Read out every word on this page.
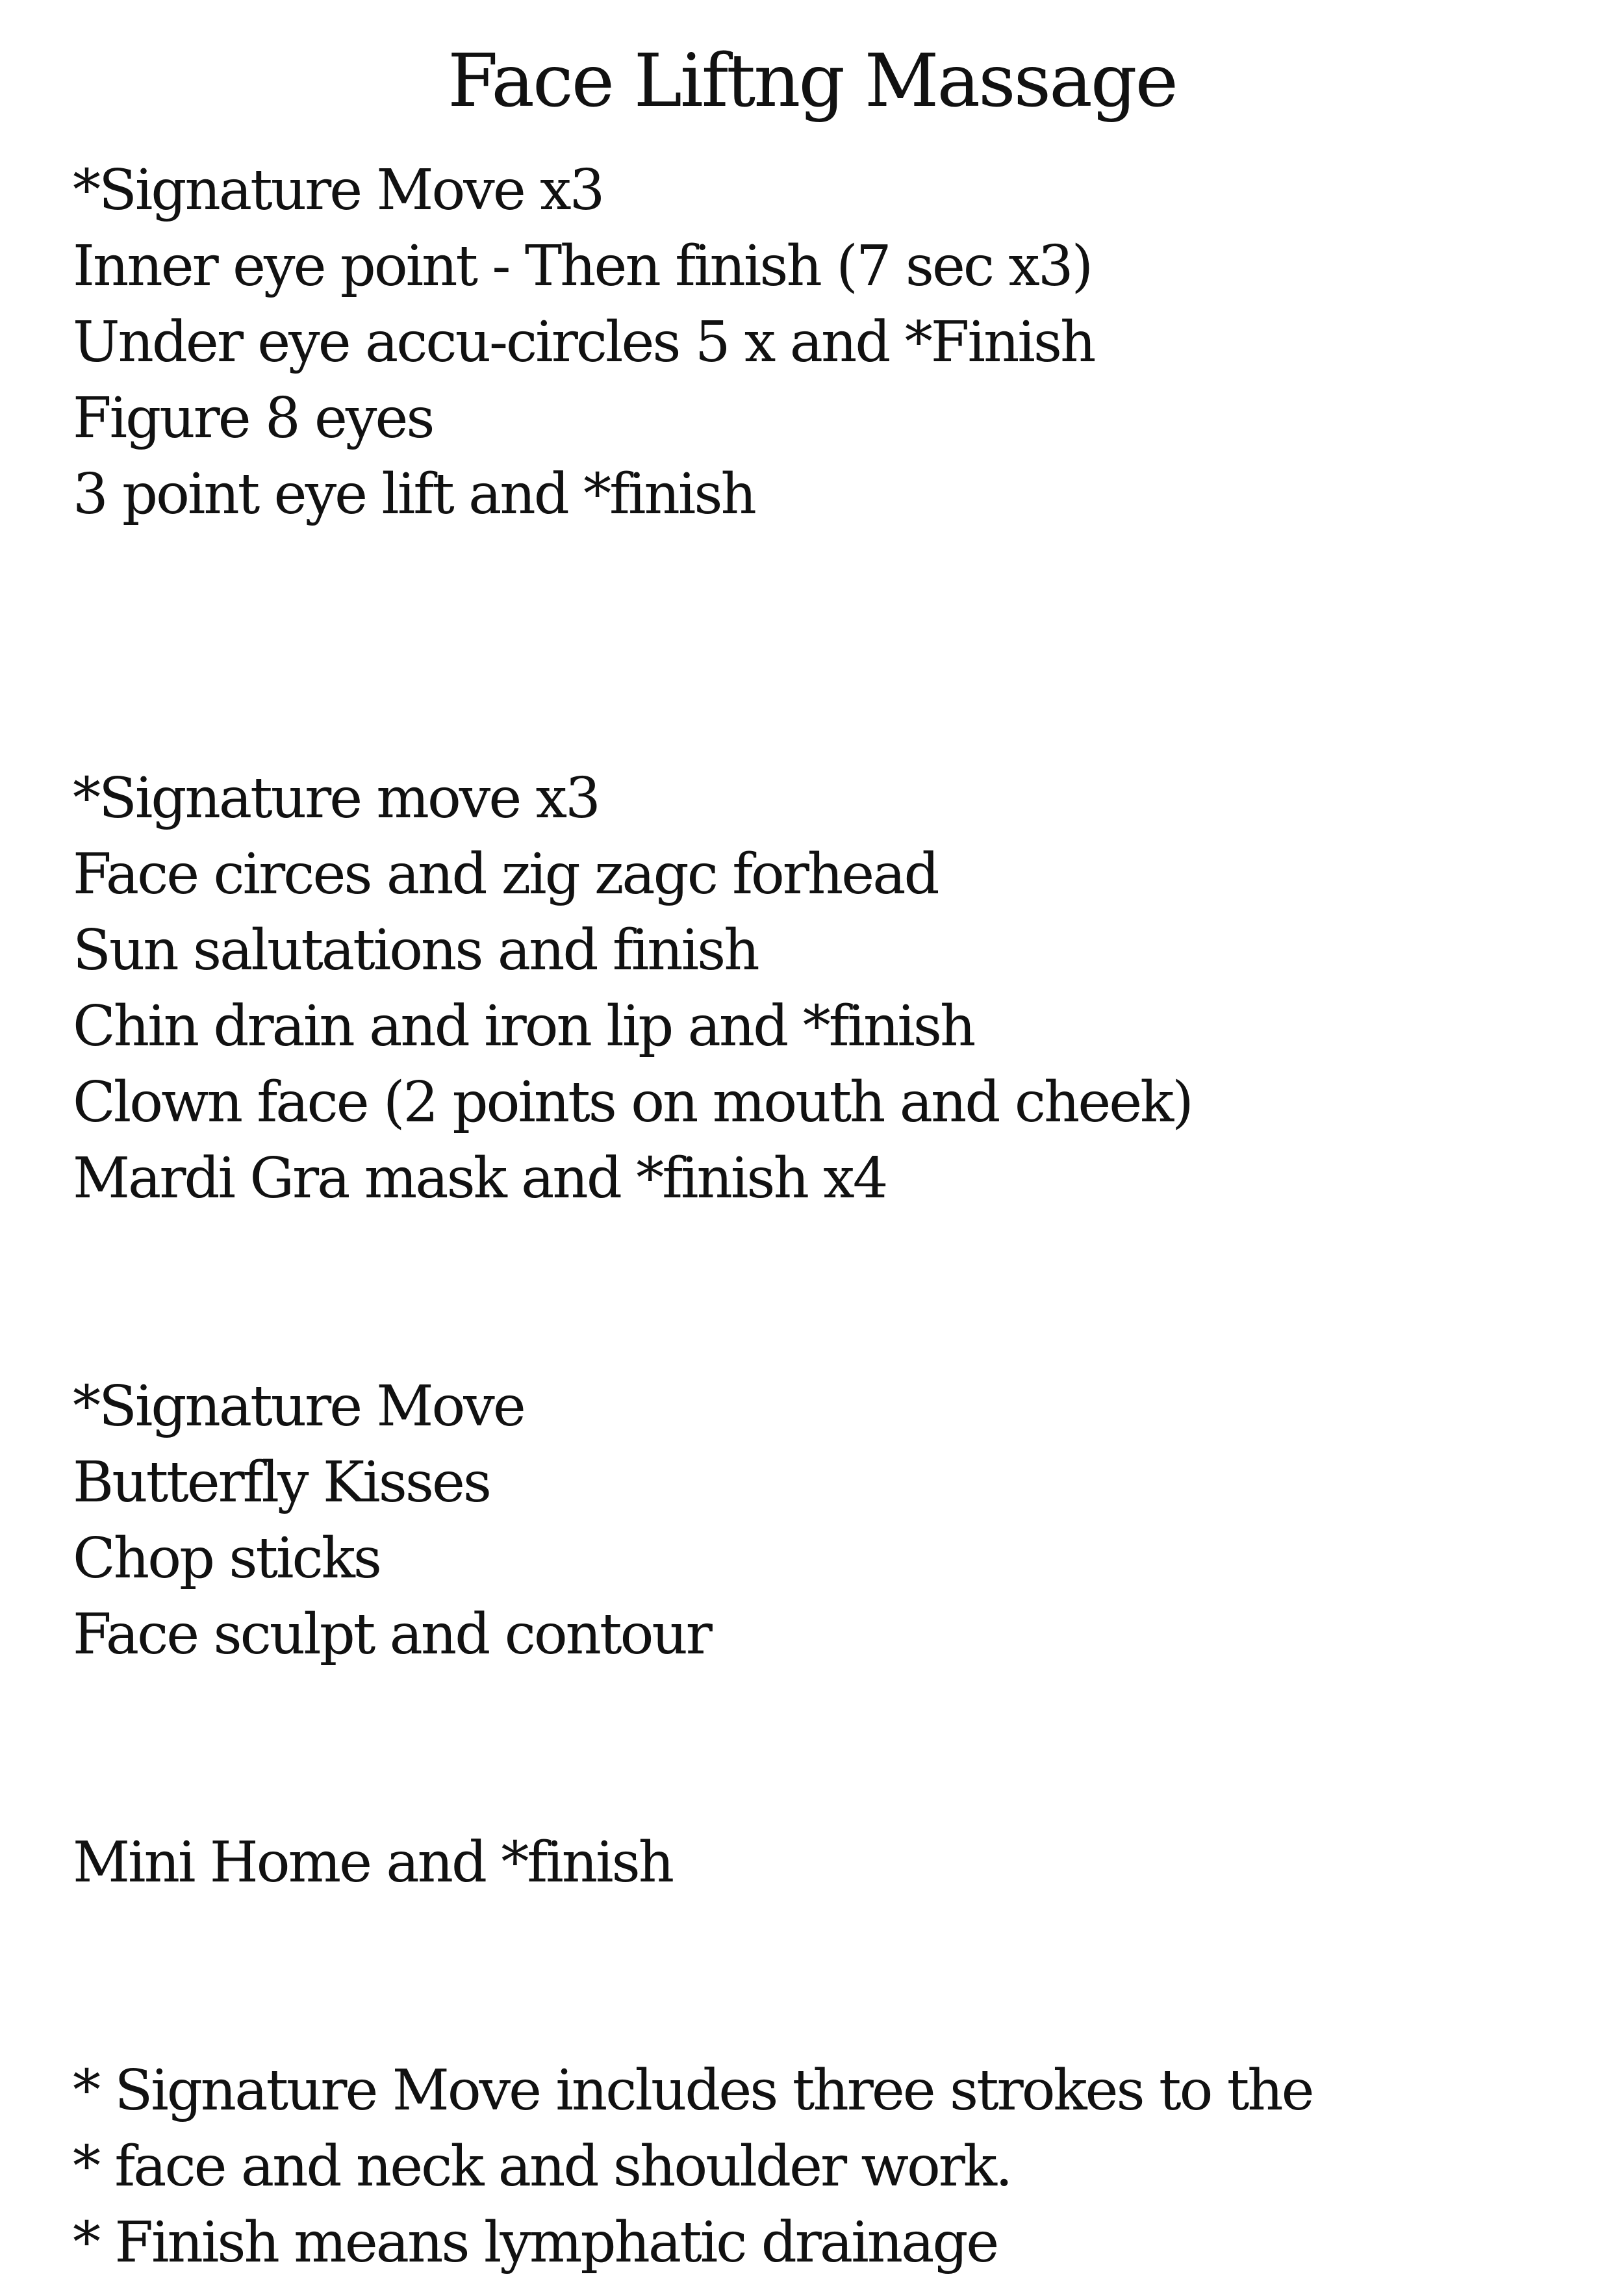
Face Liftng Massage
*Signature Move x3
Inner eye point - Then finish (7 sec x3)
Under eye accu-circles 5 x and *Finish
Figure 8 eyes
3 point eye lift and *finish
*Signature move x3
Face circes and zig zagc forhead
Sun salutations and finish
Chin drain and iron lip and *finish
Clown face (2 points on mouth and cheek)
Mardi Gra mask and *finish x4
*Signature Move
Butterfly Kisses
Chop sticks
Face sculpt and contour
Mini Home and *finish
* Signature Move includes three strokes to the
* face and neck and shoulder work.
* Finish means lymphatic drainage
